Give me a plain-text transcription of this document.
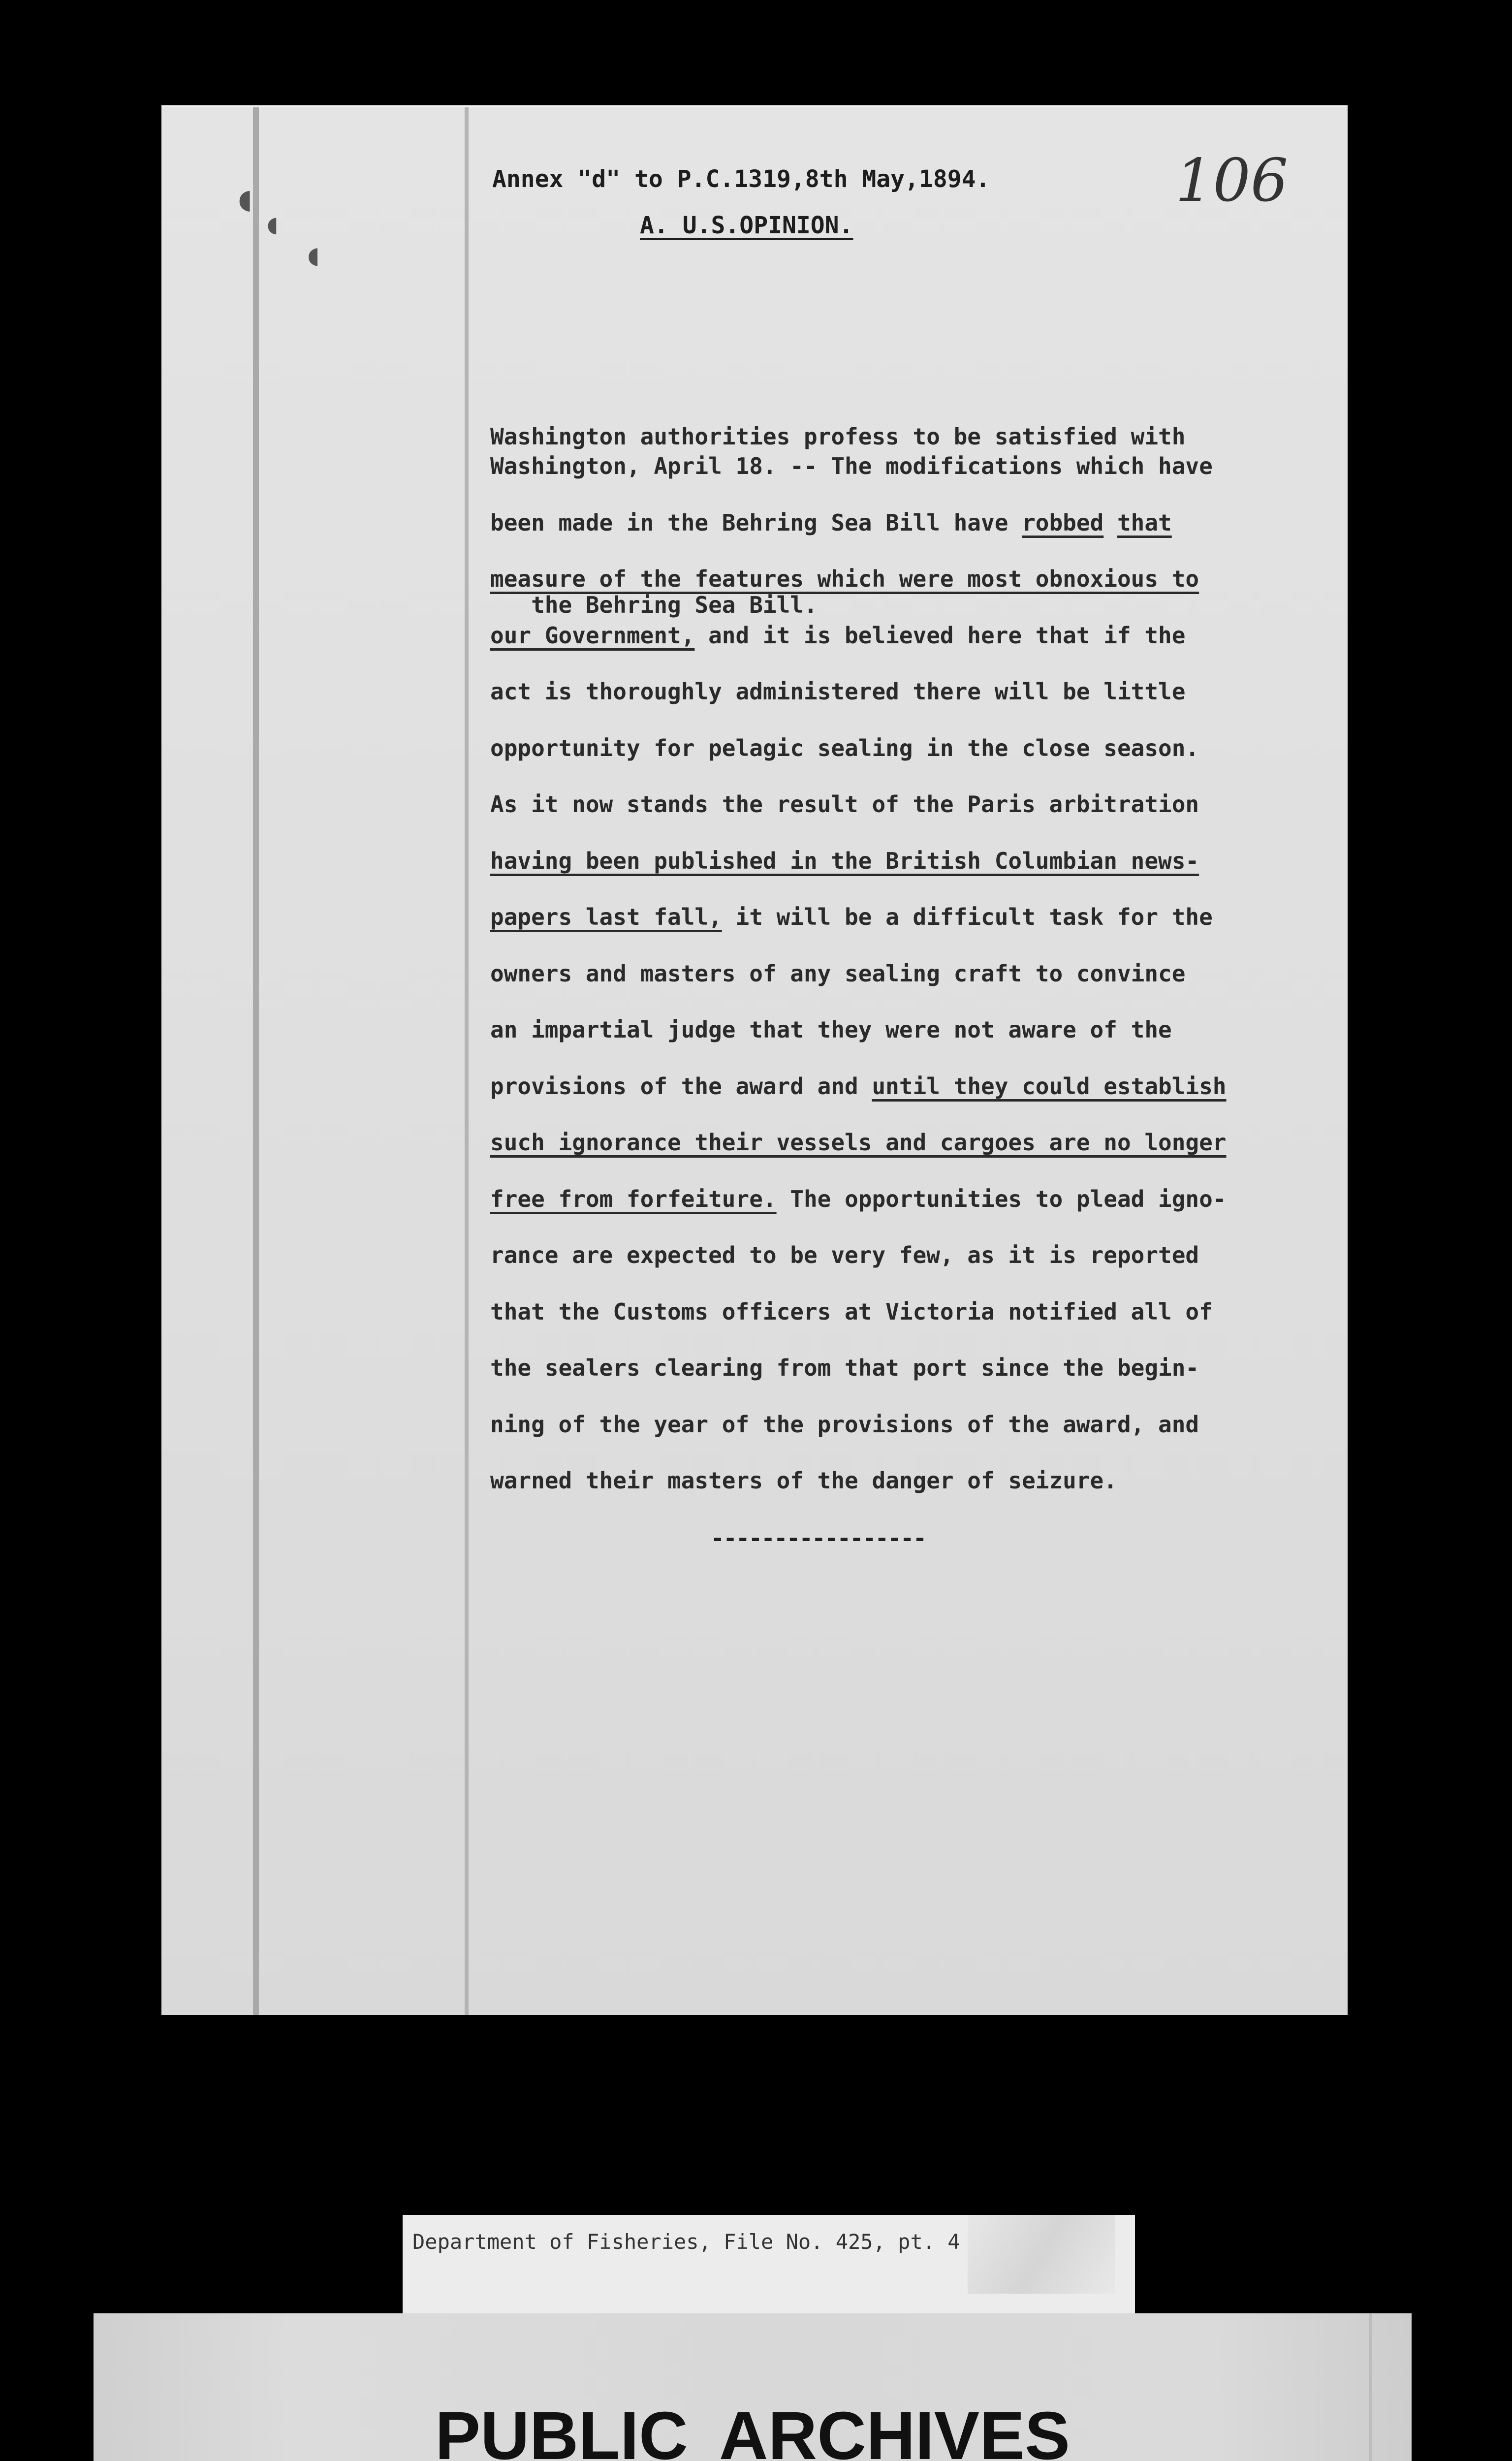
◖
◖
◖
Annex "d" to P.C.1319,8th May,1894.	106
A. U.S.OPINION.

Washington authorities profess to be satisfied with

the Behring Sea Bill.

Washington, April 18. -- The modifications which have
been made in the Behring Sea Bill have robbed that
measure of the features which were most obnoxious to
our Government, and it is believed here that if the
act is thoroughly administered there will be little
opportunity for pelagic sealing in the close season.
As it now stands the result of the Paris arbitration
having been published in the British Columbian news-
papers last fall, it will be a difficult task for the
owners and masters of any sealing craft to convince
an impartial judge that they were not aware of the
provisions of the award and until they could establish
such ignorance their vessels and cargoes are no longer
free from forfeiture. The opportunities to plead igno-
rance are expected to be very few, as it is reported
that the Customs officers at Victoria notified all of
the sealers clearing from that port since the begin-
ning of the year of the provisions of the award, and
warned their masters of the danger of seizure.
-----------------
Department of Fisheries, File No. 425, pt. 4
PUBLIC ARCHIVES
